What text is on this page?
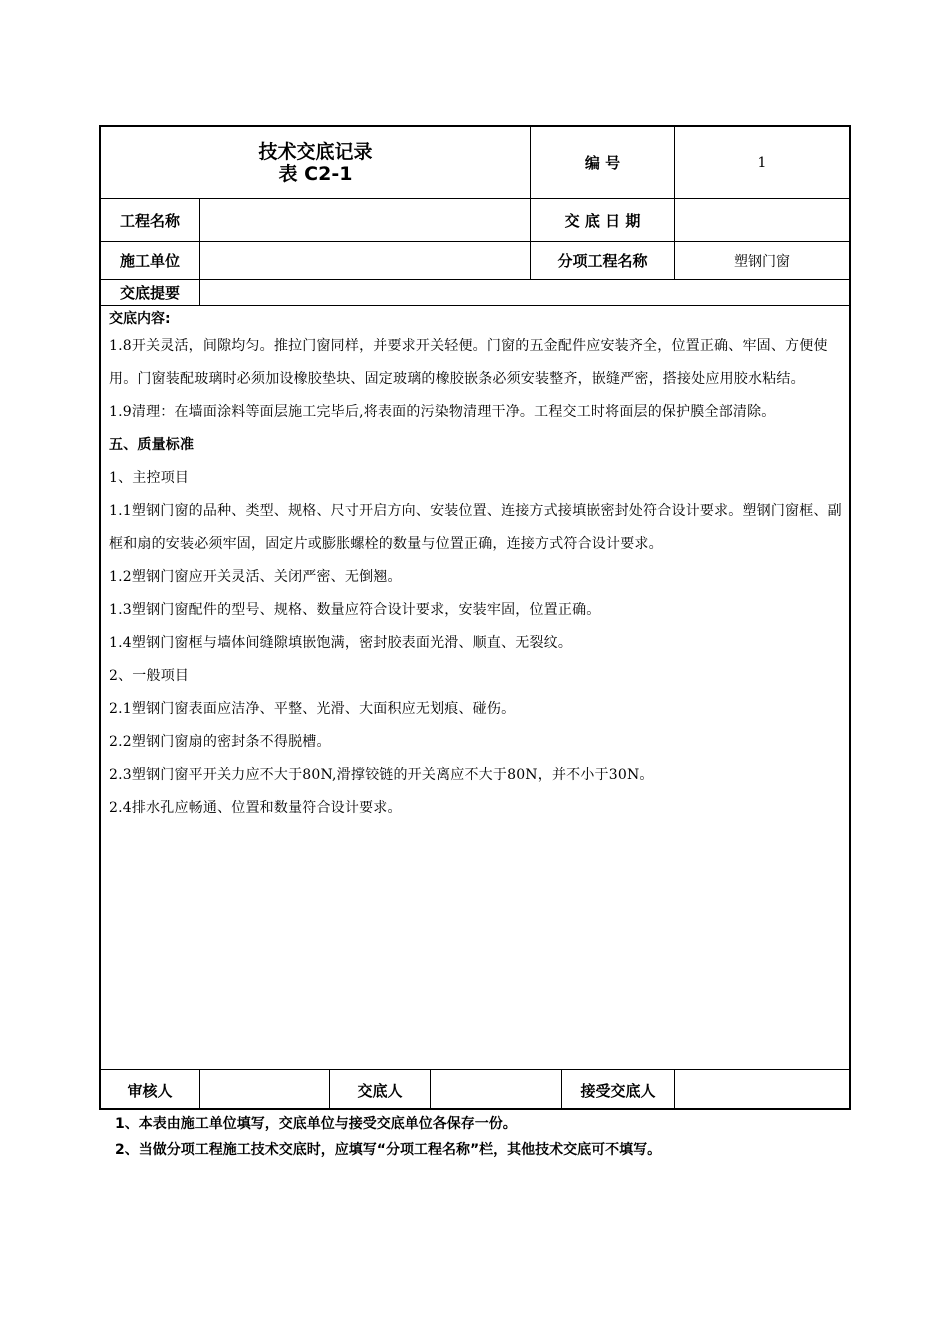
技术交底记录
表 C2-1	编 号	1
工程名称	交 底 日 期
施工单位	分项工程名称	塑钢门窗
交底提要
交底内容:

1.8开关灵活，间隙均匀。推拉门窗同样，并要求开关轻便。门窗的五金配件应安装齐全，位置正确、牢固、方便使用。门窗装配玻璃时必须加设橡胶垫块、固定玻璃的橡胶嵌条必须安装整齐，嵌缝严密，搭接处应用胶水粘结。

1.9清理：在墙面涂料等面层施工完毕后,将表面的污染物清理干净。工程交工时将面层的保护膜全部清除。

五、质量标准

1、主控项目

1.1塑钢门窗的品种、类型、规格、尺寸开启方向、安装位置、连接方式接填嵌密封处符合设计要求。塑钢门窗框、副框和扇的安装必须牢固，固定片或膨胀螺栓的数量与位置正确，连接方式符合设计要求。

1.2塑钢门窗应开关灵活、关闭严密、无倒翘。

1.3塑钢门窗配件的型号、规格、数量应符合设计要求，安装牢固，位置正确。

1.4塑钢门窗框与墙体间缝隙填嵌饱满，密封胶表面光滑、顺直、无裂纹。

2、一般项目

2.1塑钢门窗表面应洁净、平整、光滑、大面积应无划痕、碰伤。

2.2塑钢门窗扇的密封条不得脱槽。

2.3塑钢门窗平开关力应不大于80N,滑撑铰链的开关离应不大于80N，并不小于30N。

2.4排水孔应畅通、位置和数量符合设计要求。

审核人	交底人	接受交底人
1、本表由施工单位填写，交底单位与接受交底单位各保存一份。
2、当做分项工程施工技术交底时，应填写“分项工程名称”栏，其他技术交底可不填写。
